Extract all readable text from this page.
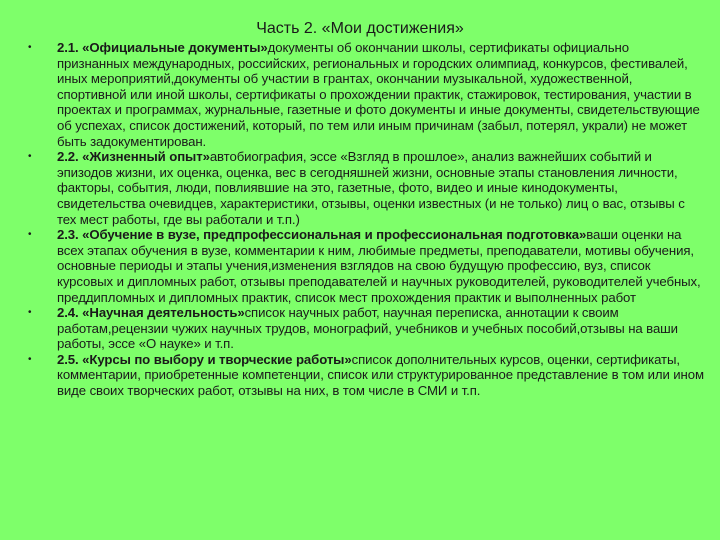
Часть 2. «Мои достижения»
• 2.1. «Официальные документы»документы об окончании школы, сертификаты официально признанных международных, российских, региональных и городских олимпиад, конкурсов, фестивалей, иных мероприятий,документы об участии в грантах, окончании музыкальной, художественной, спортивной или иной школы, сертификаты о прохождении практик, стажировок, тестирования, участии в проектах и программах, журнальные, газетные и фото документы и иные документы, свидетельствующие об успехах, список достижений, который, по тем или иным причинам (забыл, потерял, украли) не может быть задокументирован.
• 2.2. «Жизненный опыт»автобиография, эссе «Взгляд в прошлое», анализ важнейших событий и эпизодов жизни, их оценка, оценка, вес в сегодняшней жизни, основные этапы становления личности, факторы, события, люди, повлиявшие на это, газетные, фото, видео и иные кинодокументы, свидетельства очевидцев, характеристики, отзывы, оценки известных (и не только) лиц о вас, отзывы с тех мест работы, где вы работали и т.п.)
• 2.3. «Обучение в вузе, предпрофессиональная и профессиональная подготовка»ваши оценки на всех этапах обучения в вузе, комментарии к ним, любимые предметы, преподаватели, мотивы обучения, основные периоды и этапы учения,изменения взглядов на свою будущую профессию, вуз, список курсовых и дипломных работ, отзывы преподавателей и научных руководителей, руководителей учебных, преддипломных и дипломных практик, список мест прохождения практик и выполненных работ
• 2.4. «Научная деятельность»список научных работ, научная переписка, аннотации к своим работам,рецензии чужих научных трудов, монографий, учебников и учебных пособий,отзывы на ваши работы, эссе «О науке» и т.п.
• 2.5. «Курсы по выбору и творческие работы»список дополнительных курсов, оценки, сертификаты, комментарии, приобретенные компетенции, список или структурированное представление в том или ином виде своих творческих работ, отзывы на них, в том числе в СМИ и т.п.
